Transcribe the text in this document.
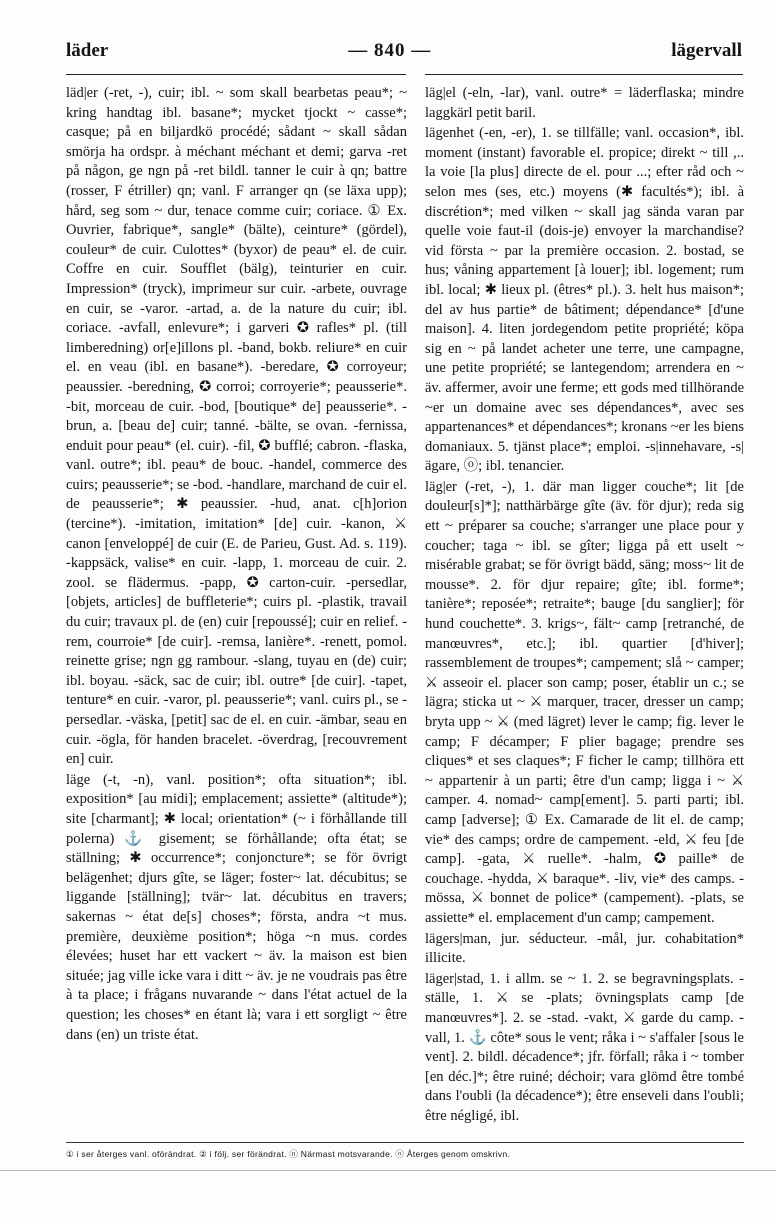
läder	— 840 —	lägervall

läd|er (-ret, -), cuir; ibl. ~ som skall bearbetas peau*; ~ kring handtag ibl. basane*; mycket tjockt ~ casse*; casque; på en biljardkö procédé; sådant ~ skall sådan smörja ha ordspr. à méchant méchant et demi; garva -ret på någon, ge ngn på -ret bildl. tanner le cuir à qn; battre (rosser, F étriller) qn; vanl. F arranger qn (se läxa upp); hård, seg som ~ dur, tenace comme cuir; coriace. ① Ex. Ouvrier, fabrique*, sangle* (bälte), ceinture* (gördel), couleur* de cuir. Culottes* (byxor) de peau* el. de cuir. Coffre en cuir. Soufflet (bälg), teinturier en cuir. Impression* (tryck), imprimeur sur cuir. -arbete, ouvrage en cuir, se -varor. -artad, a. de la nature du cuir; ibl. coriace. -avfall, enlevure*; i garveri ✪ rafles* pl. (till limberedning) or[e]illons pl. -band, bokb. reliure* en cuir el. en veau (ibl. en basane*). -beredare, ✪ corroyeur; peaussier. -beredning, ✪ corroi; corroyerie*; peausserie*. -bit, morceau de cuir. -bod, [boutique* de] peausserie*. -brun, a. [beau de] cuir; tanné. -bälte, se ovan. -fernissa, enduit pour peau* (el. cuir). -fil, ✪ bufflé; cabron. -flaska, vanl. outre*; ibl. peau* de bouc. -handel, commerce des cuirs; peausserie*; se -bod. -handlare, marchand de cuir el. de peausserie*; ✱ peaussier. -hud, anat. c[h]orion (tercine*). -imitation, imitation* [de] cuir. -kanon, ⚔ canon [enveloppé] de cuir (E. de Parieu, Gust. Ad. s. 119). -kappsäck, valise* en cuir. -lapp, 1. morceau de cuir. 2. zool. se flädermus. -papp, ✪ carton-cuir. -persedlar, [objets, articles] de buffleterie*; cuirs pl. -plastik, travail du cuir; travaux pl. de (en) cuir [repoussé]; cuir en relief. -rem, courroie* [de cuir]. -remsa, lanière*. -renett, pomol. reinette grise; ngn gg rambour. -slang, tuyau en (de) cuir; ibl. boyau. -säck, sac de cuir; ibl. outre* [de cuir]. -tapet, tenture* en cuir. -varor, pl. peausserie*; vanl. cuirs pl., se -persedlar. -väska, [petit] sac de el. en cuir. -ämbar, seau en cuir. -ögla, för handen bracelet. -överdrag, [recouvrement en] cuir.

läge (-t, -n), vanl. position*; ofta situation*; ibl. exposition* [au midi]; emplacement; assiette* (altitude*); site [charmant]; ✱ local; orientation* (~ i förhållande till polerna) ⚓ gisement; se förhållande; ofta état; se ställning; ✱ occurrence*; conjoncture*; se för övrigt belägenhet; djurs gîte, se läger; foster~ lat. décubitus; se liggande [ställning]; tvär~ lat. décubitus en travers; sakernas ~ état de[s] choses*; första, andra ~t mus. première, deuxième position*; höga ~n mus. cordes élevées; huset har ett vackert ~ äv. la maison est bien située; jag ville icke vara i ditt ~ äv. je ne voudrais pas être à ta place; i frågans nuvarande ~ dans l'état actuel de la question; les choses* en étant là; vara i ett sorgligt ~ être dans (en) un triste état.

läg|el (-eln, -lar), vanl. outre* = läderflaska; mindre laggkärl petit baril.

lägenhet (-en, -er), 1. se tillfälle; vanl. occasion*, ibl. moment (instant) favorable el. propice; direkt ~ till ,.. la voie [la plus] directe de el. pour ...; efter råd och ~ selon mes (ses, etc.) moyens (✱ facultés*); ibl. à discrétion*; med vilken ~ skall jag sända varan par quelle voie faut-il (dois-je) envoyer la marchandise? vid första ~ par la première occasion. 2. bostad, se hus; våning appartement [à louer]; ibl. logement; rum ibl. local; ✱ lieux pl. (êtres* pl.). 3. helt hus maison*; del av hus partie* de bâtiment; dépendance* [d'une maison]. 4. liten jordegendom petite propriété; köpa sig en ~ på landet acheter une terre, une campagne, une petite propriété; se lantegendom; arrendera en ~ äv. affermer, avoir une ferme; ett gods med tillhörande ~er un domaine avec ses dépendances*, avec ses appartenances* et dépendances*; kronans ~er les biens domaniaux. 5. tjänst place*; emploi. -s|innehavare, -s|ägare, ⓞ; ibl. tenancier.

läg|er (-ret, -), 1. där man ligger couche*; lit [de douleur[s]*]; natthärbärge gîte (äv. för djur); reda sig ett ~ préparer sa couche; s'arranger une place pour y coucher; taga ~ ibl. se gîter; ligga på ett uselt ~ misérable grabat; se för övrigt bädd, säng; moss~ lit de mousse*. 2. för djur repaire; gîte; ibl. forme*; tanière*; reposée*; retraite*; bauge [du sanglier]; för hund couchette*. 3. krigs~, fält~ camp [retranché, de manœuvres*, etc.]; ibl. quartier [d'hiver]; rassemblement de troupes*; campement; slå ~ camper; ⚔ asseoir el. placer son camp; poser, établir un c.; se lägra; sticka ut ~ ⚔ marquer, tracer, dresser un camp; bryta upp ~ ⚔ (med lägret) lever le camp; fig. lever le camp; F décamper; F plier bagage; prendre ses cliques* et ses claques*; F ficher le camp; tillhöra ett ~ appartenir à un parti; être d'un camp; ligga i ~ ⚔ camper. 4. nomad~ camp[ement]. 5. parti parti; ibl. camp [adverse]; ① Ex. Camarade de lit el. de camp; vie* des camps; ordre de campement. -eld, ⚔ feu [de camp]. -gata, ⚔ ruelle*. -halm, ✪ paille* de couchage. -hydda, ⚔ baraque*. -liv, vie* des camps. -mössa, ⚔ bonnet de police* (campement). -plats, se assiette* el. emplacement d'un camp; campement.

lägers|man, jur. séducteur. -mål, jur. cohabitation* illicite.

läger|stad, 1. i allm. se ~ 1. 2. se begravningsplats. -ställe, 1. ⚔ se -plats; övningsplats camp [de manœuvres*]. 2. se -stad. -vakt, ⚔ garde du camp. -vall, 1. ⚓ côte* sous le vent; råka i ~ s'affaler [sous le vent]. 2. bildl. décadence*; jfr. förfall; råka i ~ tomber [en déc.]*; être ruiné; déchoir; vara glömd être tombé dans l'oubli (la décadence*); être enseveli dans l'oubli; être négligé, ibl.

① i ser återges vanl. oförändrat. ② i följ. ser förändrat. ⓝ Närmast motsvarande. ⓞ Återges genom omskrivn.
